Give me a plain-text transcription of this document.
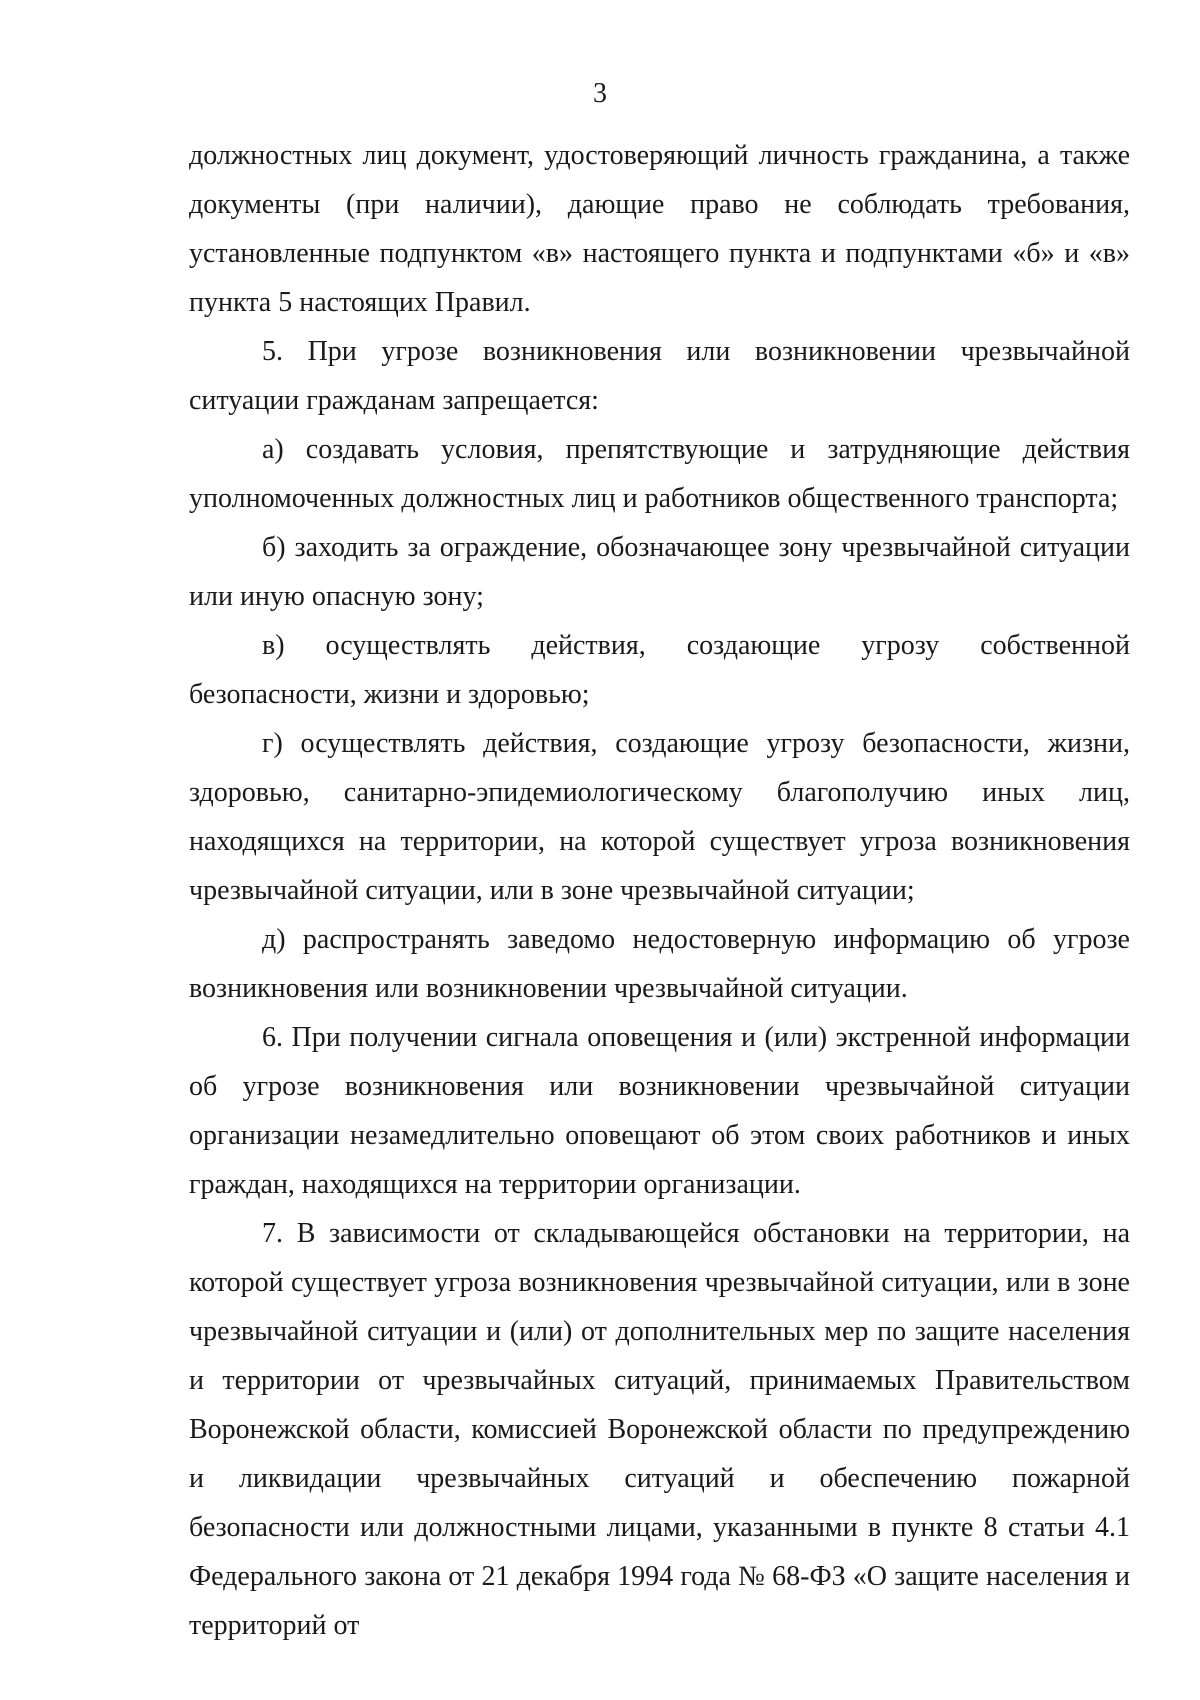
3

должностных лиц документ, удостоверяющий личность гражданина, а также документы (при наличии), дающие право не соблюдать требования, установленные подпунктом «в» настоящего пункта и подпунктами «б» и «в» пункта 5 настоящих Правил.

5. При угрозе возникновения или возникновении чрезвычайной ситуации гражданам запрещается:

а) создавать условия, препятствующие и затрудняющие действия уполномоченных должностных лиц и работников общественного транспорта;

б) заходить за ограждение, обозначающее зону чрезвычайной ситуации или иную опасную зону;

в) осуществлять действия, создающие угрозу собственной безопасности, жизни и здоровью;

г) осуществлять действия, создающие угрозу безопасности, жизни, здоровью, санитарно-эпидемиологическому благополучию иных лиц, находящихся на территории, на которой существует угроза возникновения чрезвычайной ситуации, или в зоне чрезвычайной ситуации;

д) распространять заведомо недостоверную информацию об угрозе возникновения или возникновении чрезвычайной ситуации.

6. При получении сигнала оповещения и (или) экстренной информации об угрозе возникновения или возникновении чрезвычайной ситуации организации незамедлительно оповещают об этом своих работников и иных граждан, находящихся на территории организации.

7. В зависимости от складывающейся обстановки на территории, на которой существует угроза возникновения чрезвычайной ситуации, или в зоне чрезвычайной ситуации и (или) от дополнительных мер по защите населения и территории от чрезвычайных ситуаций, принимаемых Правительством Воронежской области, комиссией Воронежской области по предупреждению и ликвидации чрезвычайных ситуаций и обеспечению пожарной безопасности или должностными лицами, указанными в пункте 8 статьи 4.1 Федерального закона от 21 декабря 1994 года № 68-ФЗ «О защите населения и территорий от
